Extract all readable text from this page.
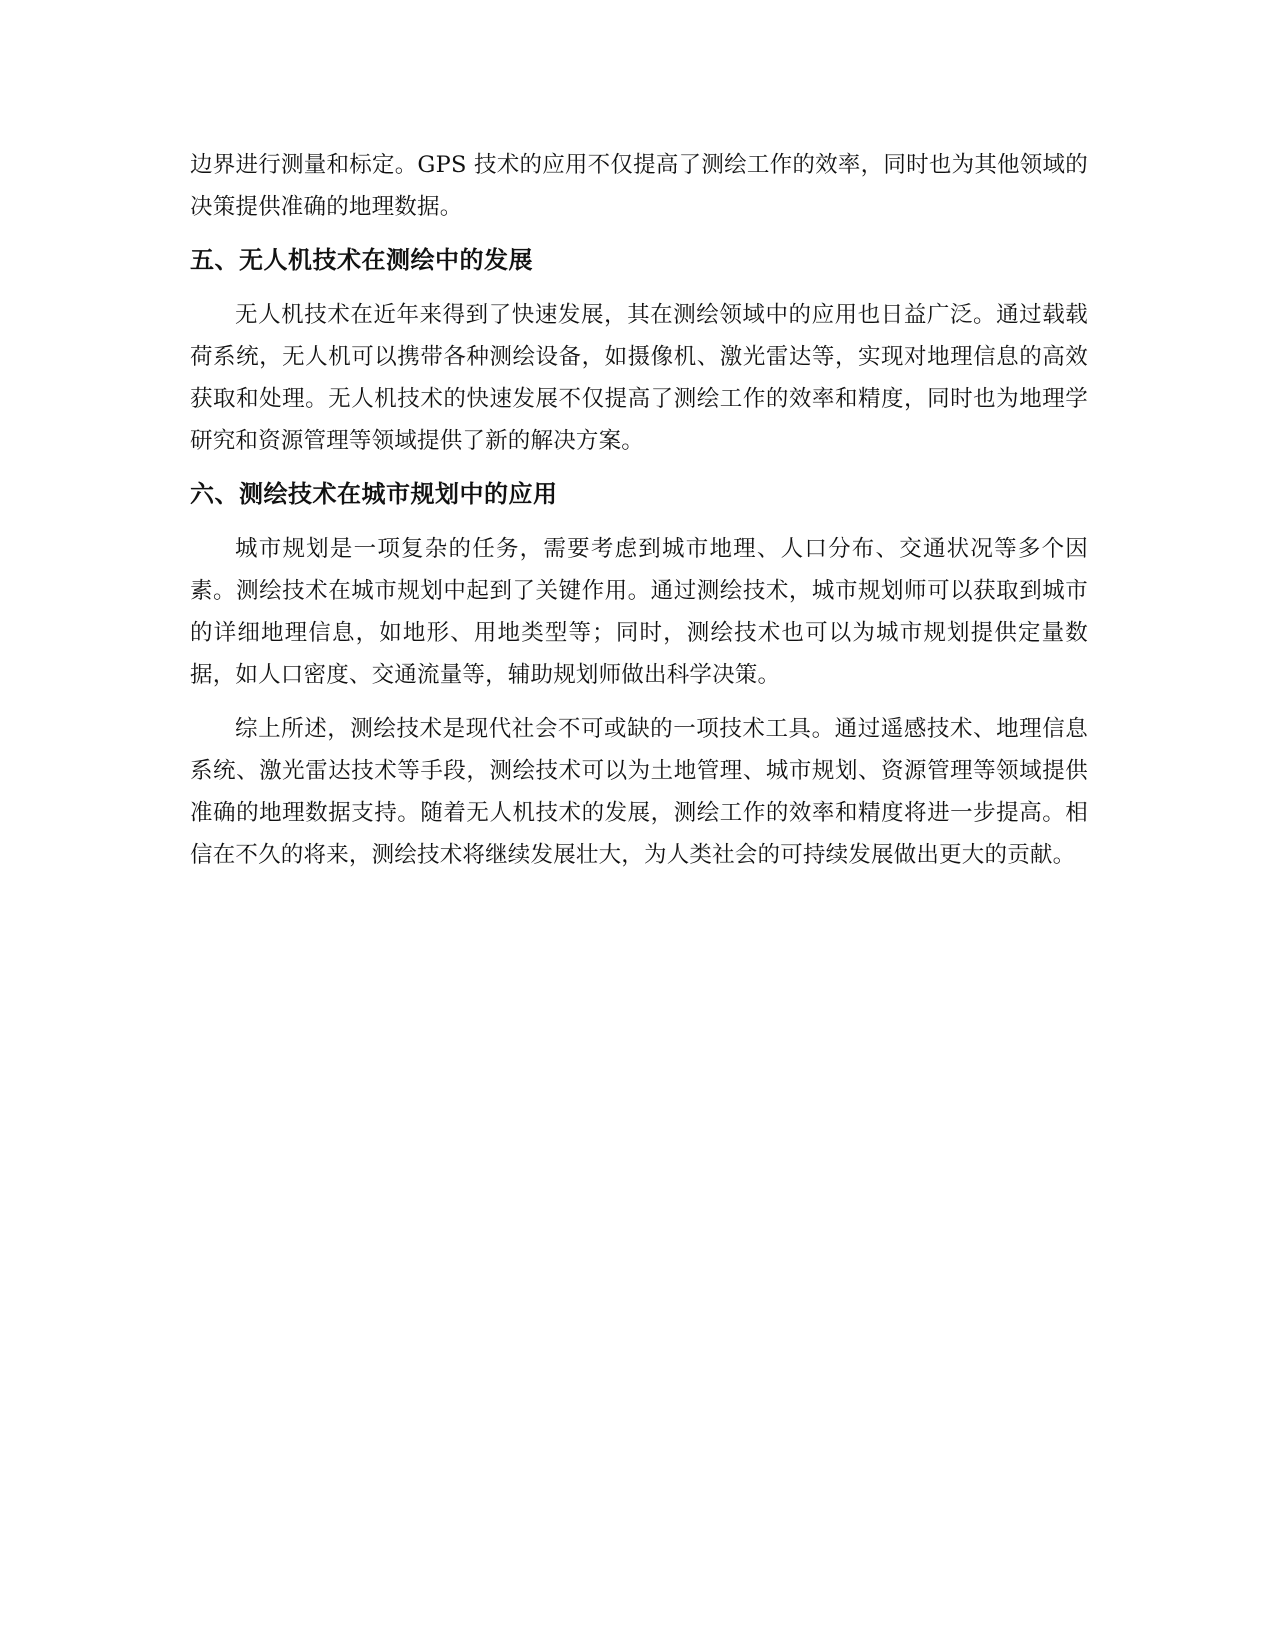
边界进行测量和标定。GPS 技术的应用不仅提高了测绘工作的效率，同时也为其他领域的决策提供准确的地理数据。

五、无人机技术在测绘中的发展

无人机技术在近年来得到了快速发展，其在测绘领域中的应用也日益广泛。通过载载荷系统，无人机可以携带各种测绘设备，如摄像机、激光雷达等，实现对地理信息的高效获取和处理。无人机技术的快速发展不仅提高了测绘工作的效率和精度，同时也为地理学研究和资源管理等领域提供了新的解决方案。

六、测绘技术在城市规划中的应用

城市规划是一项复杂的任务，需要考虑到城市地理、人口分布、交通状况等多个因素。测绘技术在城市规划中起到了关键作用。通过测绘技术，城市规划师可以获取到城市的详细地理信息，如地形、用地类型等；同时，测绘技术也可以为城市规划提供定量数据，如人口密度、交通流量等，辅助规划师做出科学决策。

综上所述，测绘技术是现代社会不可或缺的一项技术工具。通过遥感技术、地理信息系统、激光雷达技术等手段，测绘技术可以为土地管理、城市规划、资源管理等领域提供准确的地理数据支持。随着无人机技术的发展，测绘工作的效率和精度将进一步提高。相信在不久的将来，测绘技术将继续发展壮大，为人类社会的可持续发展做出更大的贡献。
